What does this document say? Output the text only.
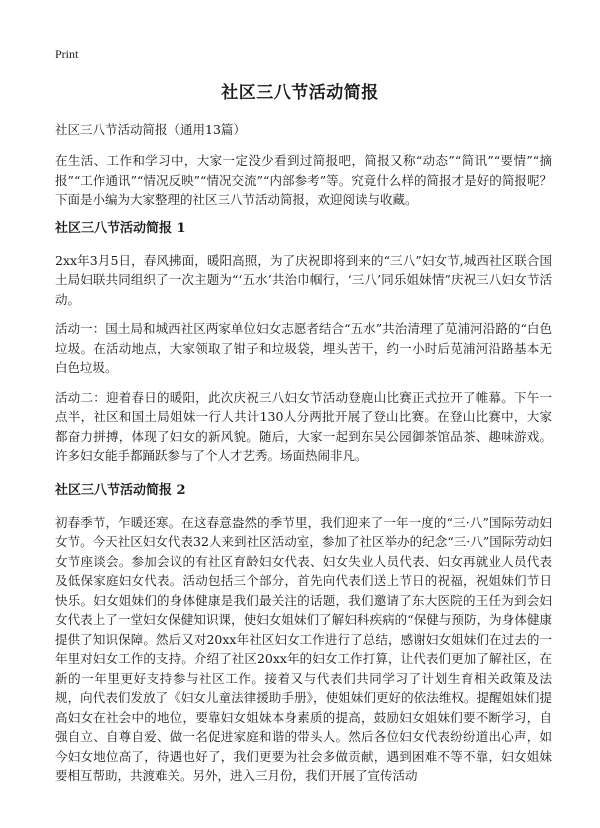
Print
社区三八节活动简报
社区三八节活动简报（通用13篇）

在生活、工作和学习中，大家一定没少看到过简报吧，简报又称“动态”“简讯”“要情”“摘报”“工作通讯”“情况反映”“情况交流”“内部参考”等。究竟什么样的简报才是好的简报呢？下面是小编为大家整理的社区三八节活动简报，欢迎阅读与收藏。

社区三八节活动简报 1

2xx年3月5日，春风拂面，暖阳高照，为了庆祝即将到来的“三八”妇女节,城西社区联合国土局妇联共同组织了一次主题为“‘五水’共治巾帼行，‘三八’同乐姐妹情”庆祝三八妇女节活动。

活动一：国土局和城西社区两家单位妇女志愿者结合“五水”共治清理了苋浦河沿路的“白色垃圾。在活动地点，大家领取了钳子和垃圾袋，埋头苦干，约一小时后苋浦河沿路基本无白色垃圾。

活动二：迎着春日的暖阳，此次庆祝三八妇女节活动登鹿山比赛正式拉开了帷幕。下午一点半，社区和国土局姐妹一行人共计130人分两批开展了登山比赛。在登山比赛中，大家都奋力拼搏，体现了妇女的新风貌。随后，大家一起到东吴公园御茶馆品茶、趣味游戏。许多妇女能手都踊跃参与了个人才艺秀。场面热闹非凡。

社区三八节活动简报 2

初春季节，乍暖还寒。在这春意盎然的季节里，我们迎来了一年一度的“三·八”国际劳动妇女节。今天社区妇女代表32人来到社区活动室，参加了社区举办的纪念“三·八”国际劳动妇女节座谈会。参加会议的有社区育龄妇女代表、妇女失业人员代表、妇女再就业人员代表及低保家庭妇女代表。活动包括三个部分，首先向代表们送上节日的祝福，祝姐妹们节日快乐。妇女姐妹们的身体健康是我们最关注的话题，我们邀请了东大医院的王任为到会妇女代表上了一堂妇女保健知识课，使妇女姐妹们了解妇科疾病的“保健与预防，为身体健康提供了知识保障。然后又对20xx年社区妇女工作进行了总结，感谢妇女姐妹们在过去的一年里对妇女工作的支持。介绍了社区20xx年的妇女工作打算，让代表们更加了解社区，在新的一年里更好支持参与社区工作。接着又与代表们共同学习了计划生育相关政策及法规，向代表们发放了《妇女儿童法律援助手册》，使姐妹们更好的依法维权。提醒姐妹们提高妇女在社会中的地位，要靠妇女姐妹本身素质的提高，鼓励妇女姐妹们要不断学习，自强自立、自尊自爱、做一名促进家庭和谐的带头人。然后各位妇女代表纷纷道出心声，如今妇女地位高了，待遇也好了，我们更要为社会多做贡献，遇到困难不等不靠，妇女姐妹要相互帮助，共渡难关。另外，进入三月份，我们开展了宣传活动
